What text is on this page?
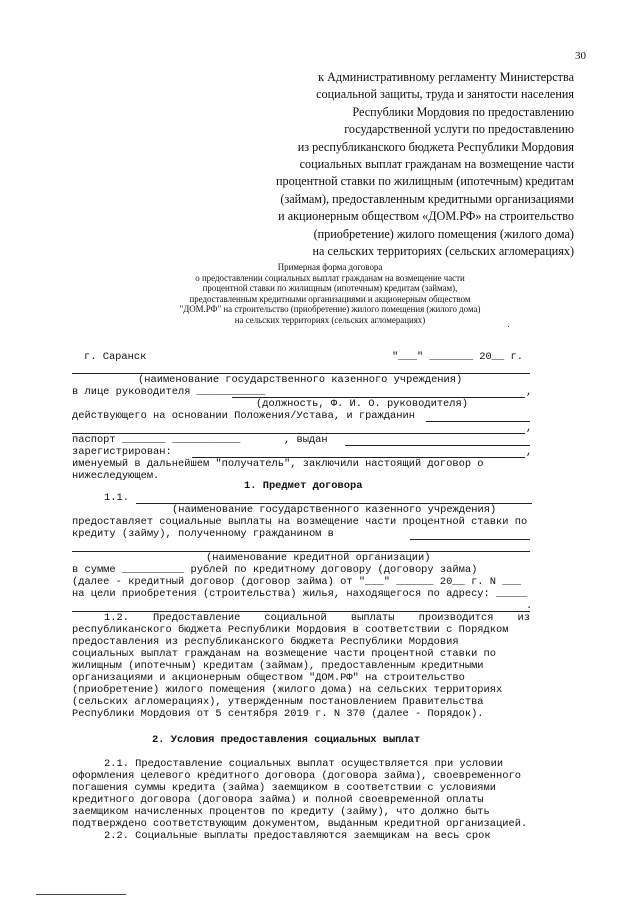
30
к Административному регламенту Министерства
социальной защиты, труда и занятости населения
Республики Мордовия по предоставлению
государственной услуги по предоставлению
из республиканского бюджета Республики Мордовия
социальных выплат гражданам на возмещение части
процентной ставки по жилищным (ипотечным) кредитам
(займам), предоставленным кредитными организациями
и акционерным обществом «ДОМ.РФ» на строительство
(приобретение) жилого помещения (жилого дома)
на сельских территориях (сельских агломерациях)
Примерная форма договора
о предоставлении социальных выплат гражданам на возмещение части
процентной ставки по жилищным (ипотечным) кредитам (займам),
предоставленным кредитными организациями и акционерным обществом
"ДОМ.РФ" на строительство (приобретение) жилого помещения (жилого дома)
на сельских территориях (сельских агломерациях)
г. Саранск	"___" _______ 20__ г.
(наименование государственного казенного учреждения)
в лице руководителя ___________	,
(должность, Ф. И. О. руководителя)
действующего на основании Положения/Устава, и гражданин
,
паспорт _______ ___________	, выдан
зарегистрирован:	,
именуемый в дальнейшем "получатель", заключили настоящий договор о
нижеследующем.
1. Предмет договора
1.1.
(наименование государственного казенного учреждения)
предоставляет социальные выплаты на возмещение части процентной ставки по
кредиту (займу), полученному гражданином в
(наименование кредитной организации)
в сумме __________ рублей по кредитному договору (договору займа)
(далее - кредитный договор (договор займа) от "___" ______ 20__ г. N ___
на цели приобретения (строительства) жилья, находящегося по адресу: _____
.
1.2. Предоставление социальной выплаты производится из
республиканского бюджета Республики Мордовия в соответствии с Порядком
предоставления из республиканского бюджета Республики Мордовия
социальных выплат гражданам на возмещение части процентной ставки по
жилищным (ипотечным) кредитам (займам), предоставленным кредитными
организациями и акционерным обществом "ДОМ.РФ" на строительство
(приобретение) жилого помещения (жилого дома) на сельских территориях
(сельских агломерациях), утвержденным постановлением Правительства
Республики Мордовия от 5 сентября 2019 г. N 370 (далее - Порядок).
2. Условия предоставления социальных выплат
2.1. Предоставление социальных выплат осуществляется при условии
оформления целевого кредитного договора (договора займа), своевременного
погашения суммы кредита (займа) заемщиком в соответствии с условиями
кредитного договора (договора займа) и полной своевременной оплаты
заемщиком начисленных процентов по кредиту (займу), что должно быть
подтверждено соответствующим документом, выданным кредитной организацией.
2.2. Социальные выплаты предоставляются заемщикам на весь срок
